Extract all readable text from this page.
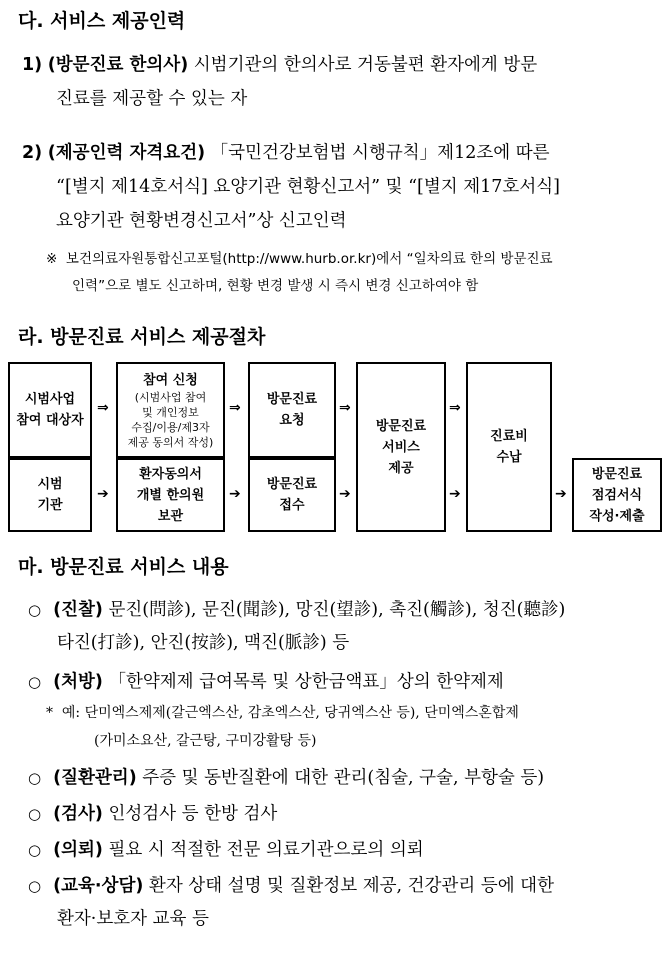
다. 서비스 제공인력
1) (방문진료 한의사) 시범기관의 한의사로 거동불편 환자에게 방문
진료를 제공할 수 있는 자
2) (제공인력 자격요건) 「국민건강보험법 시행규칙」제12조에 따른
“[별지 제14호서식] 요양기관 현황신고서” 및 “[별지 제17호서식]
요양기관 현황변경신고서”상 신고인력
※ 보건의료자원통합신고포털(http://www.hurb.or.kr)에서 “일차의료 한의 방문진료
인력”으로 별도 신고하며, 현황 변경 발생 시 즉시 변경 신고하여야 함
라. 방문진료 서비스 제공절차
시범사업
참여 대상자
시범
기관
참여 신청
(시범사업 참여
및 개인정보
수집/이용/제3자
제공 동의서 작성)
환자동의서
개별 한의원
보관
방문진료
요청
방문진료
접수
방문진료
서비스
제공
진료비
수납
방문진료
점검서식
작성·제출
⇒	⇒	⇒	⇒
➔	➔	➔	➔	➔
마. 방문진료 서비스 내용
○ (진찰) 문진(問診), 문진(聞診), 망진(望診), 촉진(觸診), 청진(聽診)
타진(打診), 안진(按診), 맥진(脈診) 등
○ (처방) 「한약제제 급여목록 및 상한금액표」상의 한약제제
* 예: 단미엑스제제(갈근엑스산, 감초엑스산, 당귀엑스산 등), 단미엑스혼합제
(가미소요산, 갈근탕, 구미강활탕 등)
○ (질환관리) 주증 및 동반질환에 대한 관리(침술, 구술, 부항술 등)
○ (검사) 인성검사 등 한방 검사
○ (의뢰) 필요 시 적절한 전문 의료기관으로의 의뢰
○ (교육·상담) 환자 상태 설명 및 질환정보 제공, 건강관리 등에 대한
환자·보호자 교육 등
